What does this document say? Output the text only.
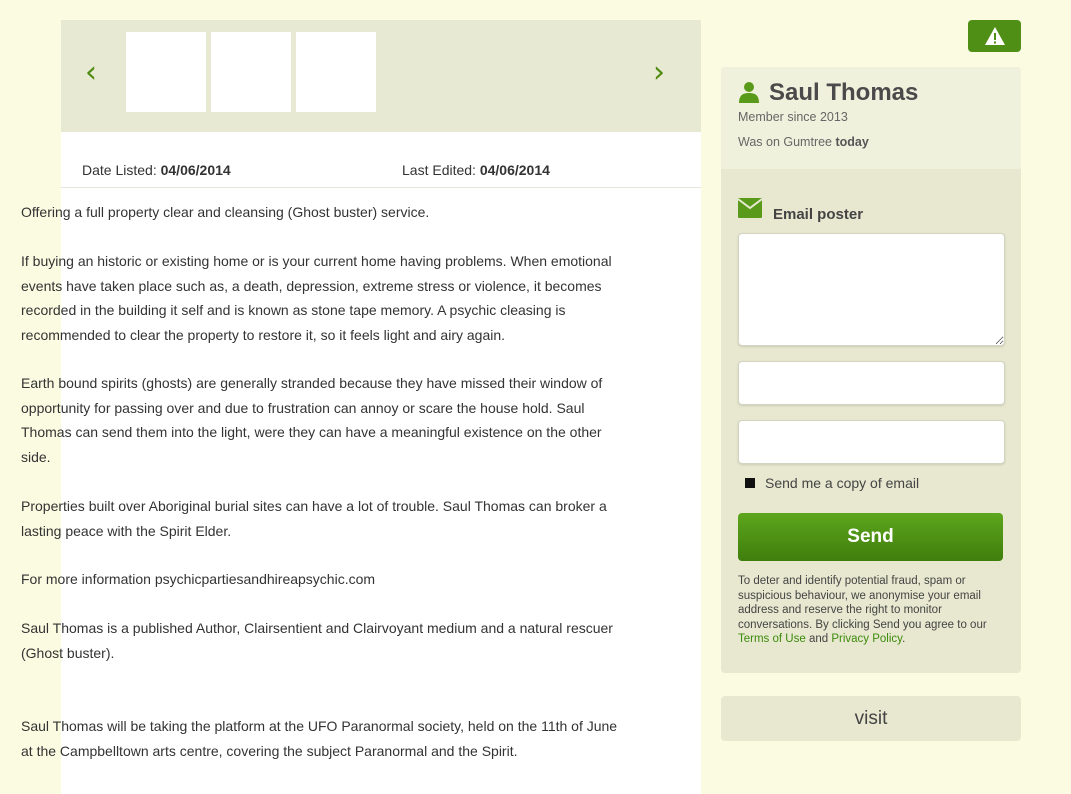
‹	›
Date Listed: 04/06/2014	Last Edited: 04/06/2014

Offering a full property clear and cleansing (Ghost buster) service.

If buying an historic or existing home or is your current home having problems. When emotional events have taken place such as, a death, depression, extreme stress or violence, it becomes recorded in the building it self and is known as stone tape memory. A psychic cleasing is recommended to clear the property to restore it, so it feels light and airy again.

Earth bound spirits (ghosts) are generally stranded because they have missed their window of opportunity for passing over and due to frustration can annoy or scare the house hold. Saul Thomas can send them into the light, were they can have a meaningful existence on the other side.

Properties built over Aboriginal burial sites can have a lot of trouble. Saul Thomas can broker a lasting peace with the Spirit Elder.

For more information psychicpartiesandhireapsychic.com

Saul Thomas is a published Author, Clairsentient and Clairvoyant medium and a natural rescuer (Ghost buster).

Saul Thomas will be taking the platform at the UFO Paranormal society, held on the 11th of June at the Campbelltown arts centre, covering the subject Paranormal and the Spirit.

Saul Thomas
Member since 2013
Was on Gumtree today
Email poster
Send me a copy of email
Send
To deter and identify potential fraud, spam or suspicious behaviour, we anonymise your email address and reserve the right to monitor conversations. By clicking Send you agree to our Terms of Use and Privacy Policy.
visit
